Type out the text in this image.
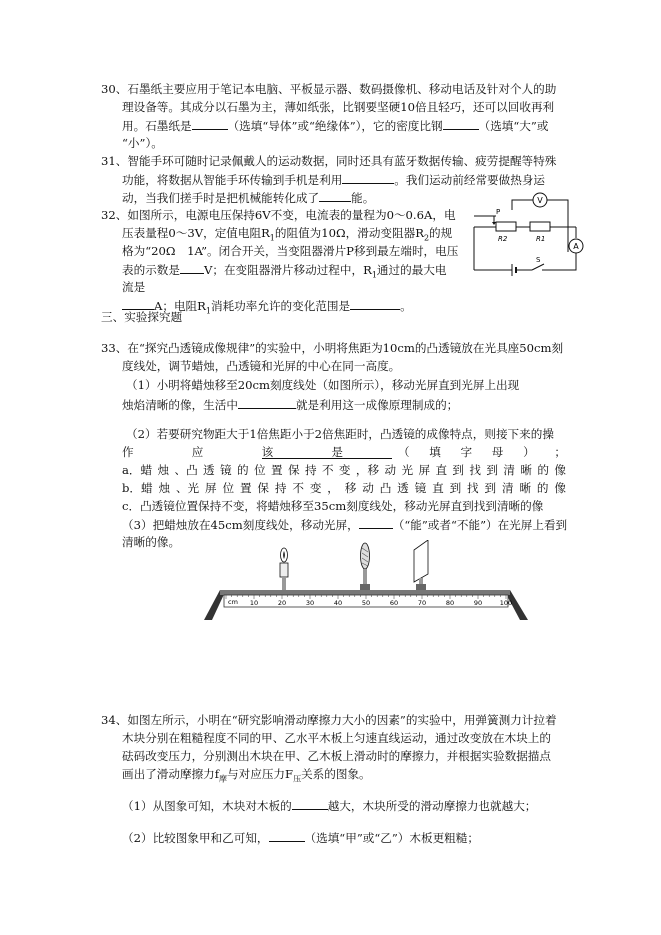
30、石墨纸主要应用于笔记本电脑、平板显示器、数码摄像机、移动电话及针对个人的助
理设备等。其成分以石墨为主，薄如纸张，比钢要坚硬10倍且轻巧，还可以回收再利
用。石墨纸是	（选填“导体”或“绝缘体”），它的密度比钢	（选填“大”或
“小”）。
31、智能手环可随时记录佩戴人的运动数据，同时还具有蓝牙数据传输、疲劳提醒等特殊
功能，将数据从智能手环传输到手机是利用	。我们运动前经常要做热身运
动，当我们搓手时是把机械能转化成了	能。
32、如图所示，电源电压保持6V不变，电流表的量程为0～0.6A，电
压表量程0～3V，定值电阻$R_1$的阻值为10Ω，滑动变阻器$R_2$的规
格为“20Ω　1A”。闭合开关，当变阻器滑片P移到最左端时，电压
表的示数是 V；在变阻器滑片移动过程中，$R_1$通过的最大电
流是
A；电阻$R_1$消耗功率允许的变化范围是	。
V
A
R2	R1
P
S
三、实验探究题
33、在“探究凸透镜成像规律”的实验中，小明将焦距为10cm的凸透镜放在光具座50cm刻
度线处，调节蜡烛，凸透镜和光屏的中心在同一高度。
（1）小明将蜡烛移至20cm刻度线处（如图所示），移动光屏直到光屏上出现
烛焰清晰的像，生活中	就是利用这一成像原理制成的；
（2）若要研究物距大于1倍焦距小于2倍焦距时，凸透镜的成像特点，则接下来的操
作	应	该	是	（ 填 字 母 ） ；
a．蜡 烛 、凸 透 镜 的 位 置 保 持 不 变 ，移 动 光 屏 直 到 找 到 清 晰 的 像
b．蜡 烛 、光 屏 位 置 保 持 不 变 ， 移 动 凸 透 镜 直 到 找 到 清 晰 的 像
c．凸透镜位置保持不变，将蜡烛移至35cm刻度线处，移动光屏直到找到清晰的像
（3）把蜡烛放在45cm刻度线处，移动光屏，	（“能”或者“不能”）在光屏上看到
清晰的像。
10	20	30	40	50	60	70	80	90	100
cm
34、如图左所示，小明在“研究影响滑动摩擦力大小的因素”的实验中，用弹簧测力计拉着
木块分别在粗糙程度不同的甲、乙水平木板上匀速直线运动，通过改变放在木块上的
砝码改变压力，分别测出木块在甲、乙木板上滑动时的摩擦力，并根据实验数据描点
画出了滑动摩擦力$f_摩$与对应压力$F_压$关系的图象。
（1）从图象可知，木块对木板的	越大，木块所受的滑动摩擦力也就越大；
（2）比较图象甲和乙可知，	（选填“甲”或“乙”）木板更粗糙；
